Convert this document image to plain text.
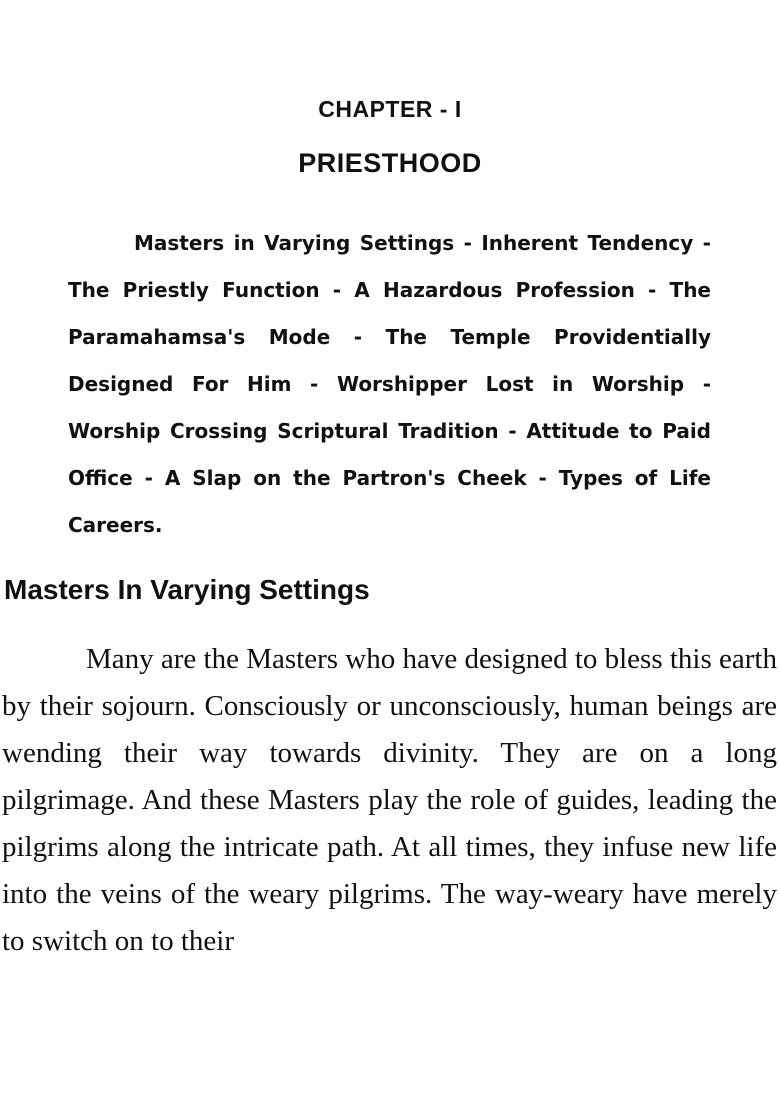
CHAPTER - I
PRIESTHOOD

Masters in Varying Settings - Inherent Tendency - The Priestly Function - A Hazardous Profession - The Paramahamsa's Mode - The Temple Providentially Designed For Him - Worshipper Lost in Worship - Worship Crossing Scriptural Tradition - Attitude to Paid Office - A Slap on the Partron's Cheek - Types of Life Careers.

Masters In Varying Settings

Many are the Masters who have designed to bless this earth by their sojourn. Consciously or unconsciously, human beings are wending their way towards divinity. They are on a long pilgrimage. And these Masters play the role of guides, leading the pilgrims along the intricate path. At all times, they infuse new life into the veins of the weary pilgrims. The way-weary have merely to switch on to their
